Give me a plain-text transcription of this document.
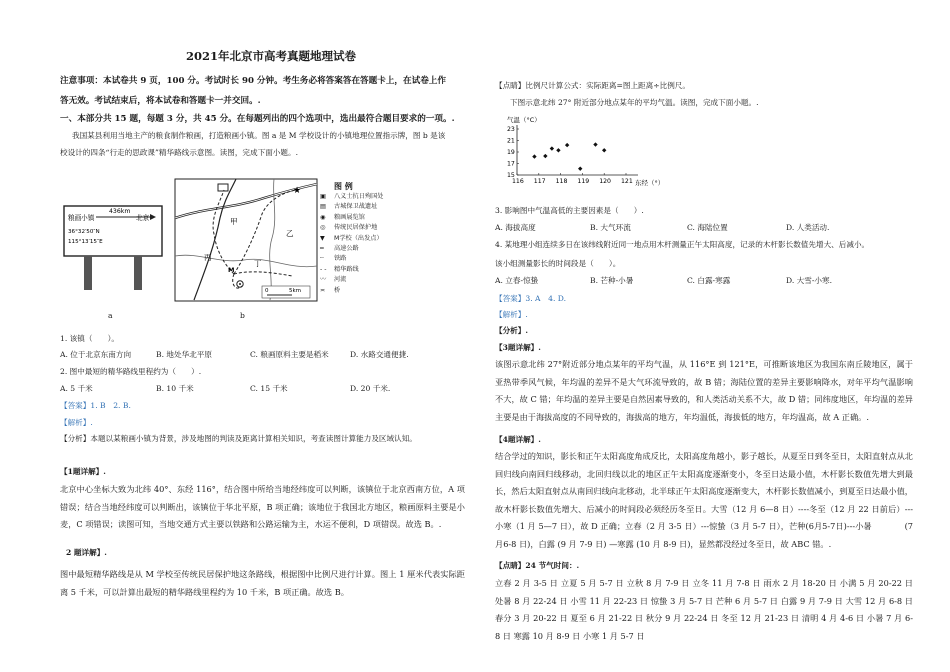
2021年北京市高考真题地理试卷
注意事项：本试卷共 9 页，100 分。考试时长 90 分钟。考生务必将答案答在答题卡上，在试卷上作
答无效。考试结束后，将本试卷和答题卡一并交回。.
一、本部分共 15 题，每题 3 分，共 45 分。在每题列出的四个选项中，选出最符合题目要求的一项。.
我国某县利用当地主产的粮食制作粮画，打造粮画小镇。图 a 是 M 学校设计的小镇地理位置指示牌，图 b 是该
校设计的四条“行走的思政课”精华路线示意图。读图，完成下面小题。.
436km
粮画小镇	北京
36°32′50″N
115°13′15″E
a
★
M
甲
乙
丙
丁
0	5km
b
图 例
▣ 八义士抗日殉国处
▤ 古城保卫战遗址
◉ 粮画展览馆
◎ 传统民居保护地
▼ M学校（出发点）
═ 高速公路
┄ 铁路
- - 精华路线
〰 河流
≍ 桥
1. 该镇（　　）。
A. 位于北京东南方向	B. 地处华北平原	C. 粮画原料主要是稻米	D. 水路交通便捷.
2. 图中最短的精华路线里程约为（　　）.
A. 5 千米	B. 10 千米	C. 15 千米	D. 20 千米.
【答案】1. B　2. B.
【解析】.
【分析】本题以某粮画小镇为背景，涉及地图的判读及距离计算相关知识，考查读图计算能力及区域认知。
【1题详解】.
北京中心坐标大致为北纬 40°、东经 116°，结合图中所给当地经纬度可以判断，该镇位于北京西南方位，A 项错误；结合当地经纬度可以判断出，该镇位于华北平原，B 项正确；该地位于我国北方地区，粮画原料主要是小麦，C 项错误；读图可知，当地交通方式主要以铁路和公路运输为主，水运不便利，D 项错误。故选 B。.
2 题详解】.
图中最短精华路线是从 M 学校至传统民居保护地这条路线，根据图中比例尺进行计算。图上 1 厘米代表实际距离 5 千米，可以計算出最短的精华路线里程约为 10 千米，B 项正确。故选 B。
【点睛】比例尺计算公式：实际距离=图上距离÷比例尺。
下图示意北纬 27° 附近部分地点某年的平均气温。读图，完成下面小题。.
气温（°C）
116 117 118 119 120 121
15
17
19
21
23
东经（°）
3. 影响图中气温高低的主要因素是（　　）.
A. 海拔高度	B. 大气环流	C. 海陆位置	D. 人类活动.
4. 某地理小组连续多日在该纬线附近同一地点用木杆测量正午太阳高度，记录的木杆影长数值先增大、后减小。
该小组测量影长的时间段是（　　）。
A. 立春-惊蛰	B. 芒种-小暑	C. 白露-寒露	D. 大雪-小寒.
【答案】3. A　4. D.
【解析】.
【分析】.
【3题详解】.
该图示意北纬 27°附近部分地点某年的平均气温，从 116°E 到 121°E，可推断该地区为我国东南丘陵地区，属于亚热带季风气候，年均温的差异不是大气环流导致的，故 B 错；海陆位置的差异主要影响降水，对年平均气温影响不大，故 C 错；年均温的差异主要是自然因素导致的，和人类活动关系不大，故 D 错；同纬度地区，年均温的差异主要是由于海拔高度的不同导致的，海拔高的地方，年均温低，海拔低的地方，年均温高，故 A 正确。.
【4题详解】.
结合学过的知识，影长和正午太阳高度角成反比，太阳高度角越小，影子越长，从夏至日到冬至日，太阳直射点从北回归线向南回归线移动，北回归线以北的地区正午太阳高度逐渐变小，冬至日达最小值，木杆影长数值先增大到最长，然后太阳直射点从南回归线向北移动，北半球正午太阳高度逐渐变大，木杆影长数值减小，到夏至日达最小值，故木杆影长数值先增大、后减小的时间段必须经历冬至日。大雪（12 月 6—8 日）----冬至（12 月 22 日前后）---小寒（1 月 5—7 日），故 D 正确；立春（2 月 3-5 日）---惊蛰（3 月 5-7 日），芒种(6月5-7日)---小暑　　　　(7月6-8 日)，白露 (9 月 7-9 日) —寒露 (10 月 8-9 日)，显然都没经过冬至日，故 ABC 错。.
【点睛】24 节气时间：.
立春 2 月 3-5 日 立夏 5 月 5-7 日 立秋 8 月 7-9 日 立冬 11 月 7-8 日 雨水 2 月 18-20 日 小满 5 月 20-22 日 处暑 8 月 22-24 日 小雪 11 月 22-23 日 惊蛰 3 月 5-7 日 芒种 6 月 5-7 日 白露 9 月 7-9 日 大雪 12 月 6-8 日 春分 3 月 20-22 日 夏至 6 月 21-22 日 秋分 9 月 22-24 日 冬至 12 月 21-23 日 清明 4 月 4-6 日 小暑 7 月 6-8 日 寒露 10 月 8-9 日 小寒 1 月 5-7 日
